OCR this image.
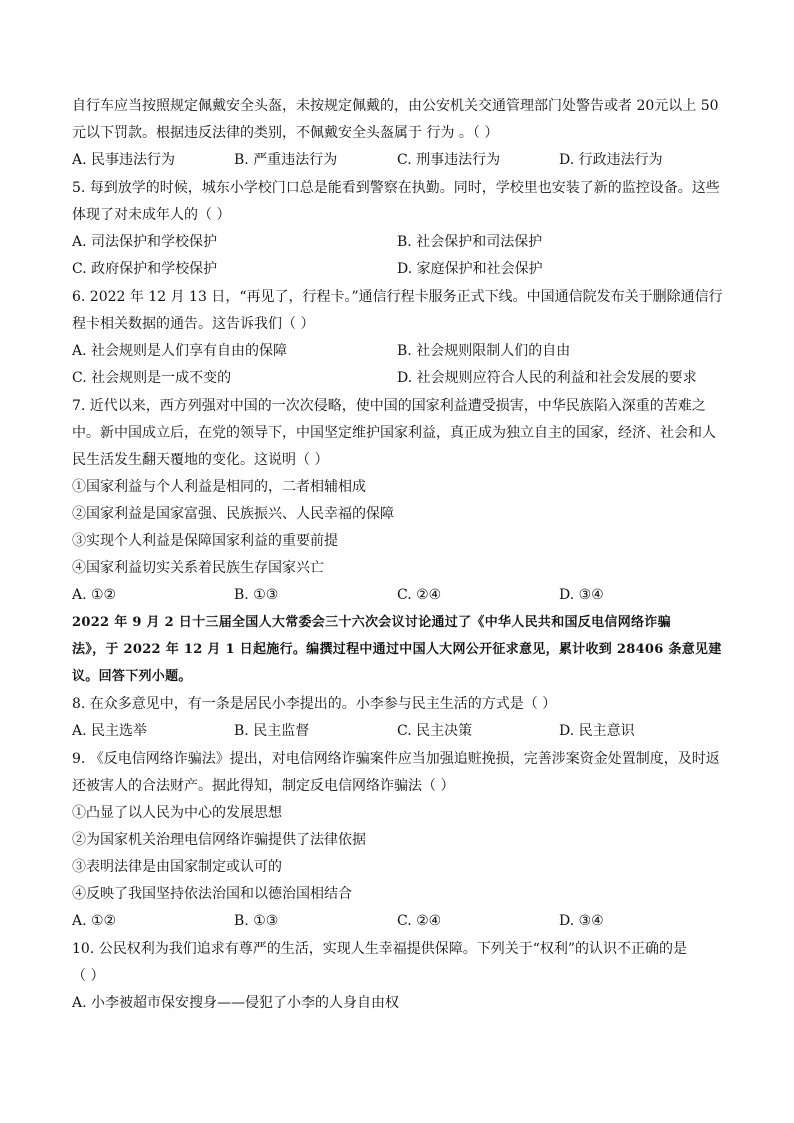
自行车应当按照规定佩戴安全头盔，未按规定佩戴的，由公安机关交通管理部门处警告或者 20元以上 50
元以下罚款。根据违反法律的类别，不佩戴安全头盔属于 行为 。（ ）
A. 民事违法行为	B. 严重违法行为	C. 刑事违法行为	D. 行政违法行为
5. 每到放学的时候，城东小学校门口总是能看到警察在执勤。同时，学校里也安装了新的监控设备。这些
体现了对未成年人的（ ）
A. 司法保护和学校保护	B. 社会保护和司法保护
C. 政府保护和学校保护	D. 家庭保护和社会保护
6. 2022 年 12 月 13 日，“再见了，行程卡。”通信行程卡服务正式下线。中国通信院发布关于删除通信行
程卡相关数据的通告。这告诉我们（ ）
A. 社会规则是人们享有自由的保障	B. 社会规则限制人们的自由
C. 社会规则是一成不变的	D. 社会规则应符合人民的利益和社会发展的要求
7. 近代以来，西方列强对中国的一次次侵略，使中国的国家利益遭受损害，中华民族陷入深重的苦难之
中。新中国成立后，在党的领导下，中国坚定维护国家利益，真正成为独立自主的国家，经济、社会和人
民生活发生翻天覆地的变化。这说明（ ）
①国家利益与个人利益是相同的，二者相辅相成
②国家利益是国家富强、民族振兴、人民幸福的保障
③实现个人利益是保障国家利益的重要前提
④国家利益切实关系着民族生存国家兴亡
A. ①②	B. ①③	C. ②④	D. ③④
2022 年 9 月 2 日十三届全国人大常委会三十六次会议讨论通过了《中华人民共和国反电信网络诈骗
法》，于 2022 年 12 月 1 日起施行。编撰过程中通过中国人大网公开征求意见，累计收到 28406 条意见建
议。回答下列小题。
8. 在众多意见中，有一条是居民小李提出的。小李参与民主生活的方式是（ ）
A. 民主选举	B. 民主监督	C. 民主决策	D. 民主意识
9. 《反电信网络诈骗法》提出，对电信网络诈骗案件应当加强追赃挽损，完善涉案资金处置制度，及时返
还被害人的合法财产。据此得知，制定反电信网络诈骗法（ ）
①凸显了以人民为中心的发展思想
②为国家机关治理电信网络诈骗提供了法律依据
③表明法律是由国家制定或认可的
④反映了我国坚持依法治国和以德治国相结合
A. ①②	B. ①③	C. ②④	D. ③④
10. 公民权利为我们追求有尊严的生活，实现人生幸福提供保障。下列关于“权利”的认识不正确的是
（ ）
A. 小李被超市保安搜身——侵犯了小李的人身自由权
